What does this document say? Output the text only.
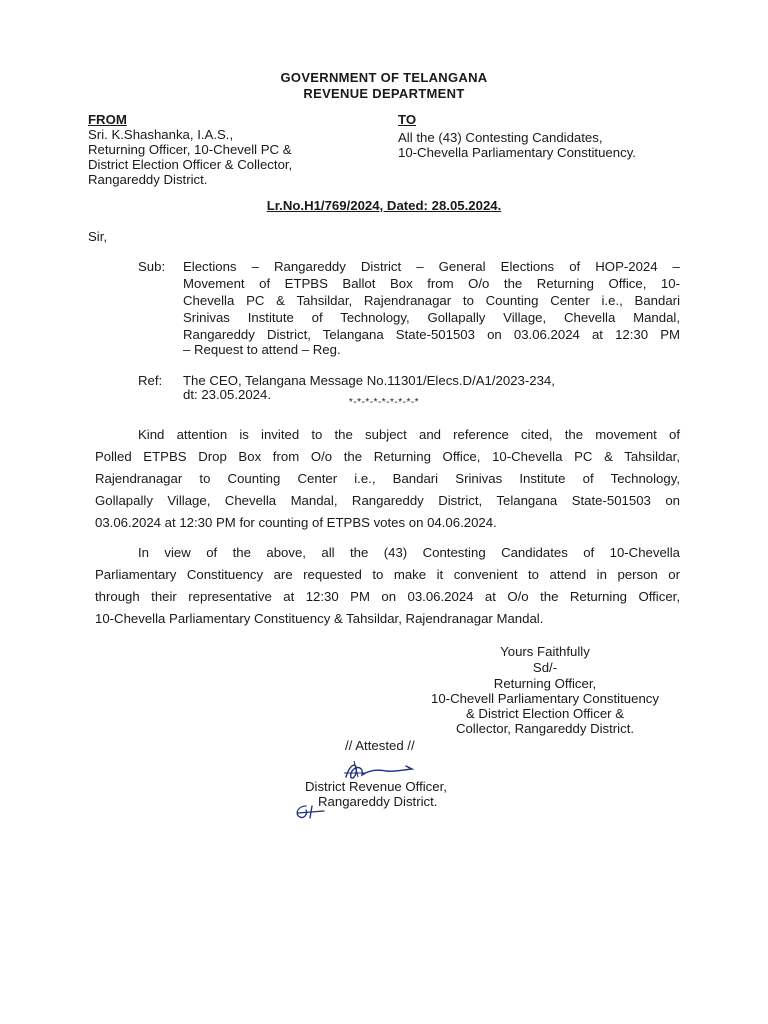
GOVERNMENT OF TELANGANA
REVENUE DEPARTMENT
FROM
Sri. K.Shashanka, I.A.S.,
Returning Officer, 10-Chevell PC &
District Election Officer & Collector,
Rangareddy District.
TO
All the (43) Contesting Candidates,
10-Chevella Parliamentary Constituency.
Lr.No.H1/769/2024, Dated: 28.05.2024.
Sir,
Sub: Elections – Rangareddy District – General Elections of HOP-2024 –
Movement of ETPBS Ballot Box from O/o the Returning Office, 10-
Chevella PC & Tahsildar, Rajendranagar to Counting Center i.e., Bandari
Srinivas Institute of Technology, Gollapally Village, Chevella Mandal,
Rangareddy District, Telangana State-501503 on 03.06.2024 at 12:30 PM
– Request to attend – Reg.
Ref: The CEO, Telangana Message No.11301/Elecs.D/A1/2023-234,
dt: 23.05.2024.
*-*-*-*-*-*-*-*-*
Kind attention is invited to the subject and reference cited, the movement of
Polled ETPBS Drop Box from O/o the Returning Office, 10-Chevella PC & Tahsildar,
Rajendranagar to Counting Center i.e., Bandari Srinivas Institute of Technology,
Gollapally Village, Chevella Mandal, Rangareddy District, Telangana State-501503 on
03.06.2024 at 12:30 PM for counting of ETPBS votes on 04.06.2024.
In view of the above, all the (43) Contesting Candidates of 10-Chevella
Parliamentary Constituency are requested to make it convenient to attend in person or
through their representative at 12:30 PM on 03.06.2024 at O/o the Returning Officer,
10-Chevella Parliamentary Constituency & Tahsildar, Rajendranagar Mandal.
Yours Faithfully
Sd/-
Returning Officer,
10-Chevell Parliamentary Constituency
& District Election Officer &
Collector, Rangareddy District.
// Attested //
District Revenue Officer,
Rangareddy District.
